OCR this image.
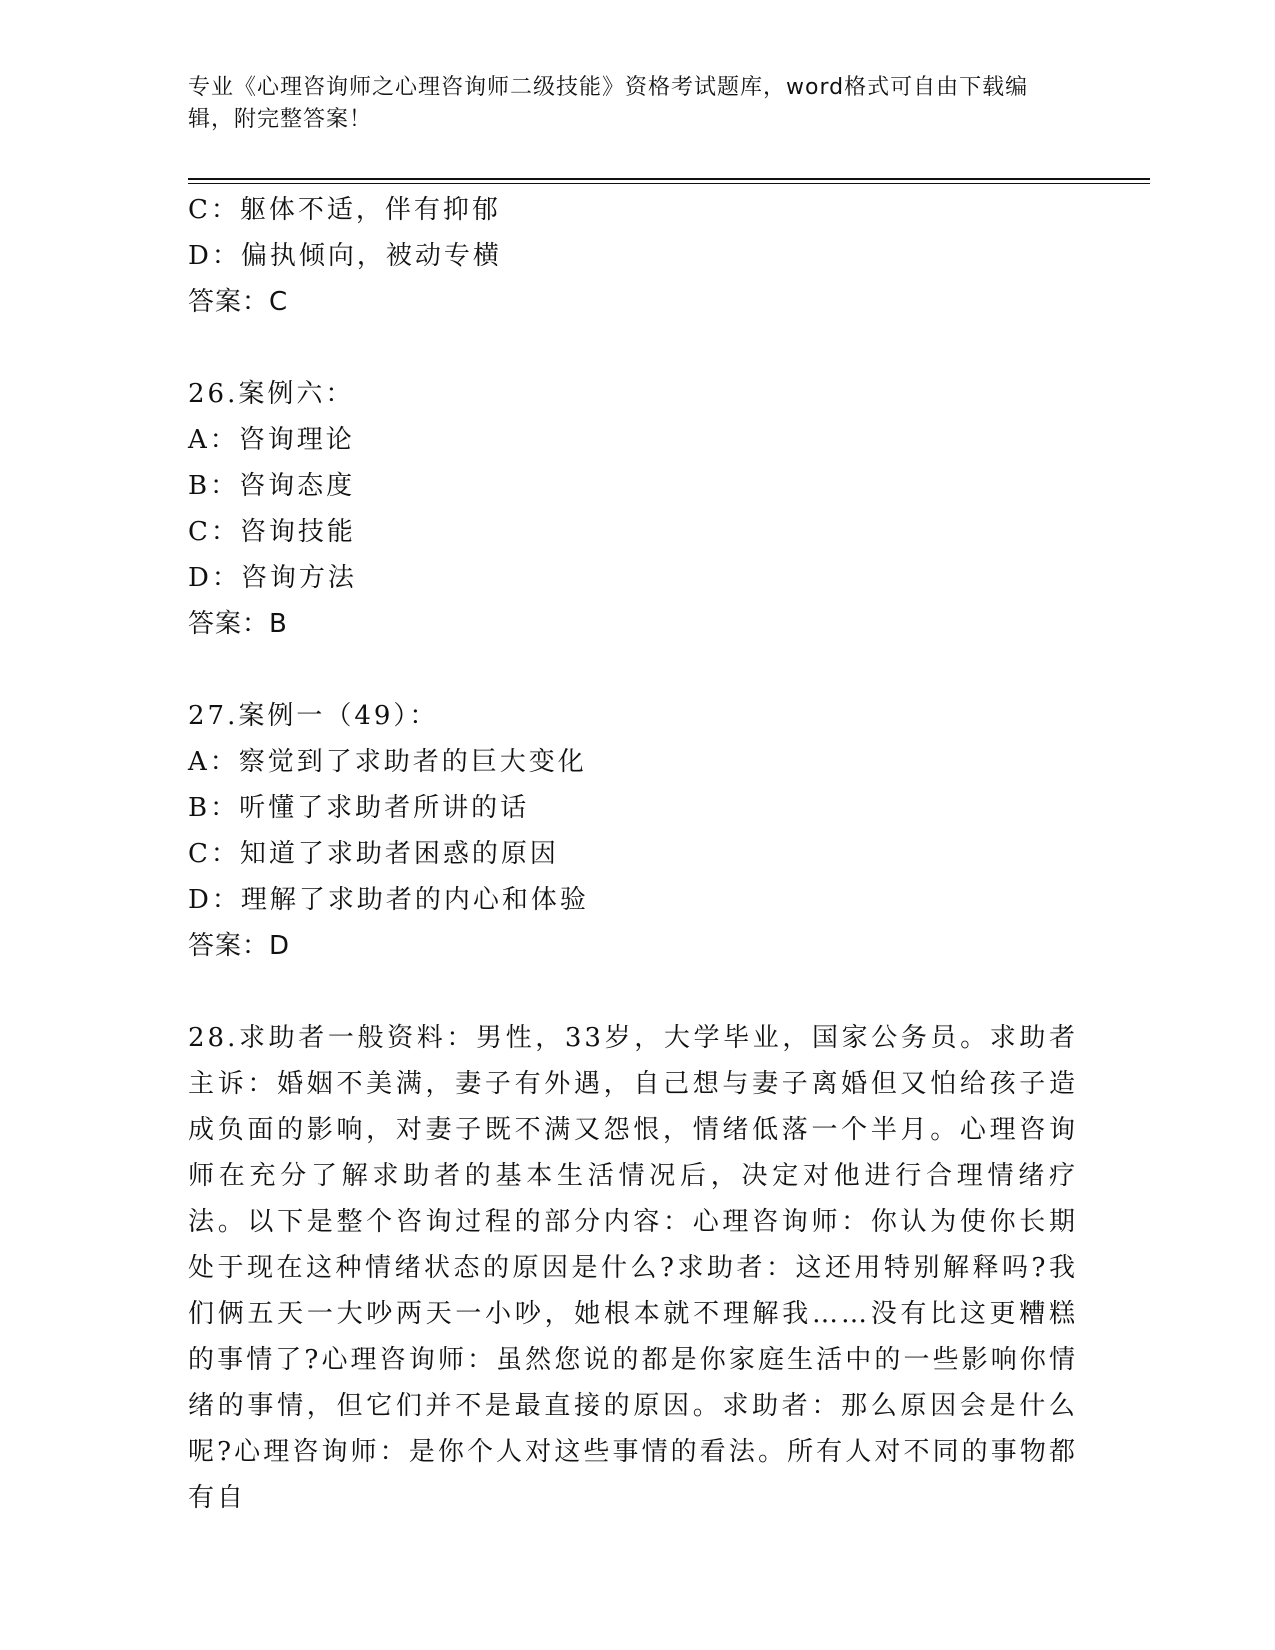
专业《心理咨询师之心理咨询师二级技能》资格考试题库，word格式可自由下载编辑，附完整答案！
C：躯体不适，伴有抑郁
D：偏执倾向，被动专横
答案：C
26.案例六：
A：咨询理论
B：咨询态度
C：咨询技能
D：咨询方法
答案：B
27.案例一（49）：
A：察觉到了求助者的巨大变化
B：听懂了求助者所讲的话
C：知道了求助者困惑的原因
D：理解了求助者的内心和体验
答案：D
28.求助者一般资料：男性，33岁，大学毕业，国家公务员。求助者主诉：婚姻不美满，妻子有外遇，自己想与妻子离婚但又怕给孩子造成负面的影响，对妻子既不满又怨恨，情绪低落一个半月。心理咨询师在充分了解求助者的基本生活情况后，决定对他进行合理情绪疗法。以下是整个咨询过程的部分内容：心理咨询师：你认为使你长期处于现在这种情绪状态的原因是什么?求助者：这还用特别解释吗?我们俩五天一大吵两天一小吵，她根本就不理解我……没有比这更糟糕的事情了?心理咨询师：虽然您说的都是你家庭生活中的一些影响你情绪的事情，但它们并不是最直接的原因。求助者：那么原因会是什么呢?心理咨询师：是你个人对这些事情的看法。所有人对不同的事物都有自
